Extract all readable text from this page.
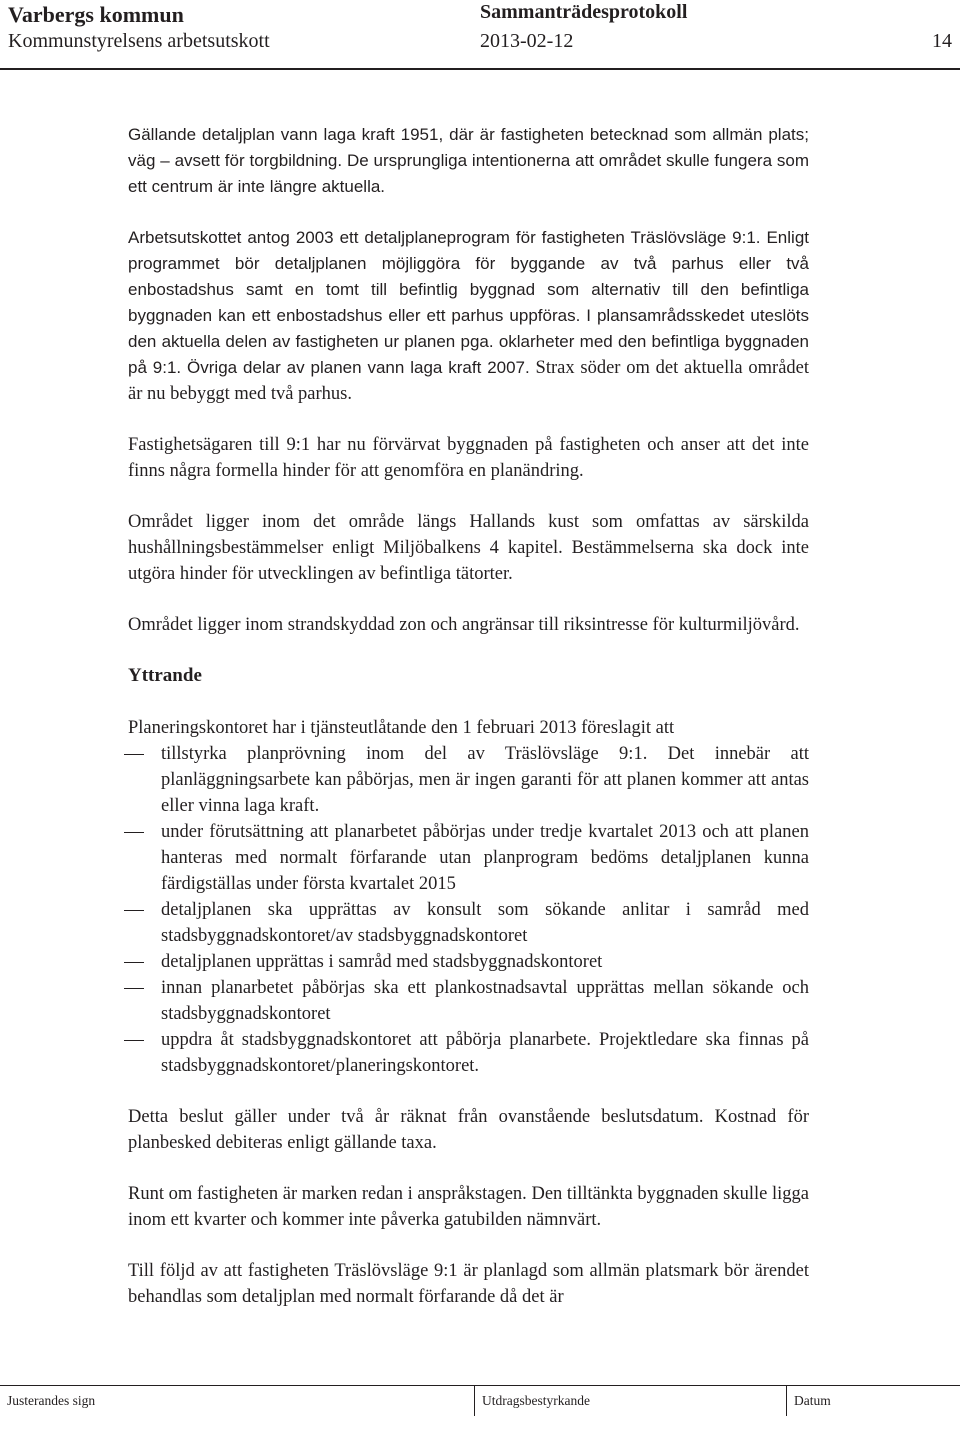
Varbergs kommun	Sammanträdesprotokoll
Kommunstyrelsens arbetsutskott	2013-02-12	14

Gällande detaljplan vann laga kraft 1951, där är fastigheten betecknad som allmän plats; väg – avsett för torgbildning. De ursprungliga intentionerna att området skulle fungera som ett centrum är inte längre aktuella.

Arbetsutskottet antog 2003 ett detaljplaneprogram för fastigheten Träslövsläge 9:1. Enligt programmet bör detaljplanen möjliggöra för byggande av två parhus eller två enbostadshus samt en tomt till befintlig byggnad som alternativ till den befintliga byggnaden kan ett enbostadshus eller ett parhus uppföras. I plansamrådsskedet uteslöts den aktuella delen av fastigheten ur planen pga. oklarheter med den befintliga byggnaden på 9:1. Övriga delar av planen vann laga kraft 2007. Strax söder om det aktuella området är nu bebyggt med två parhus.

Fastighetsägaren till 9:1 har nu förvärvat byggnaden på fastigheten och anser att det inte finns några formella hinder för att genomföra en planändring.

Området ligger inom det område längs Hallands kust som omfattas av särskilda hushållningsbestämmelser enligt Miljöbalkens 4 kapitel. Bestämmelserna ska dock inte utgöra hinder för utvecklingen av befintliga tätorter.

Området ligger inom strandskyddad zon och angränsar till riksintresse för kulturmiljövård.

Yttrande

Planeringskontoret har i tjänsteutlåtande den 1 februari 2013 föreslagit att

tillstyrka planprövning inom del av Träslövsläge 9:1. Det innebär att planläggningsarbete kan påbörjas, men är ingen garanti för att planen kommer att antas eller vinna laga kraft.
under förutsättning att planarbetet påbörjas under tredje kvartalet 2013 och att planen hanteras med normalt förfarande utan planprogram bedöms detaljplanen kunna färdigställas under första kvartalet 2015
detaljplanen ska upprättas av konsult som sökande anlitar i samråd med stadsbyggnadskontoret/av stadsbyggnadskontoret
detaljplanen upprättas i samråd med stadsbyggnadskontoret
innan planarbetet påbörjas ska ett plankostnadsavtal upprättas mellan sökande och stadsbyggnadskontoret
uppdra åt stadsbyggnadskontoret att påbörja planarbete. Projektledare ska finnas på stadsbyggnadskontoret/planeringskontoret.

Detta beslut gäller under två år räknat från ovanstående beslutsdatum. Kostnad för planbesked debiteras enligt gällande taxa.

Runt om fastigheten är marken redan i anspråkstagen. Den tilltänkta byggnaden skulle ligga inom ett kvarter och kommer inte påverka gatubilden nämnvärt.

Till följd av att fastigheten Träslövsläge 9:1 är planlagd som allmän platsmark bör ärendet behandlas som detaljplan med normalt förfarande då det är

Justerandes sign	Utdragsbestyrkande	Datum
